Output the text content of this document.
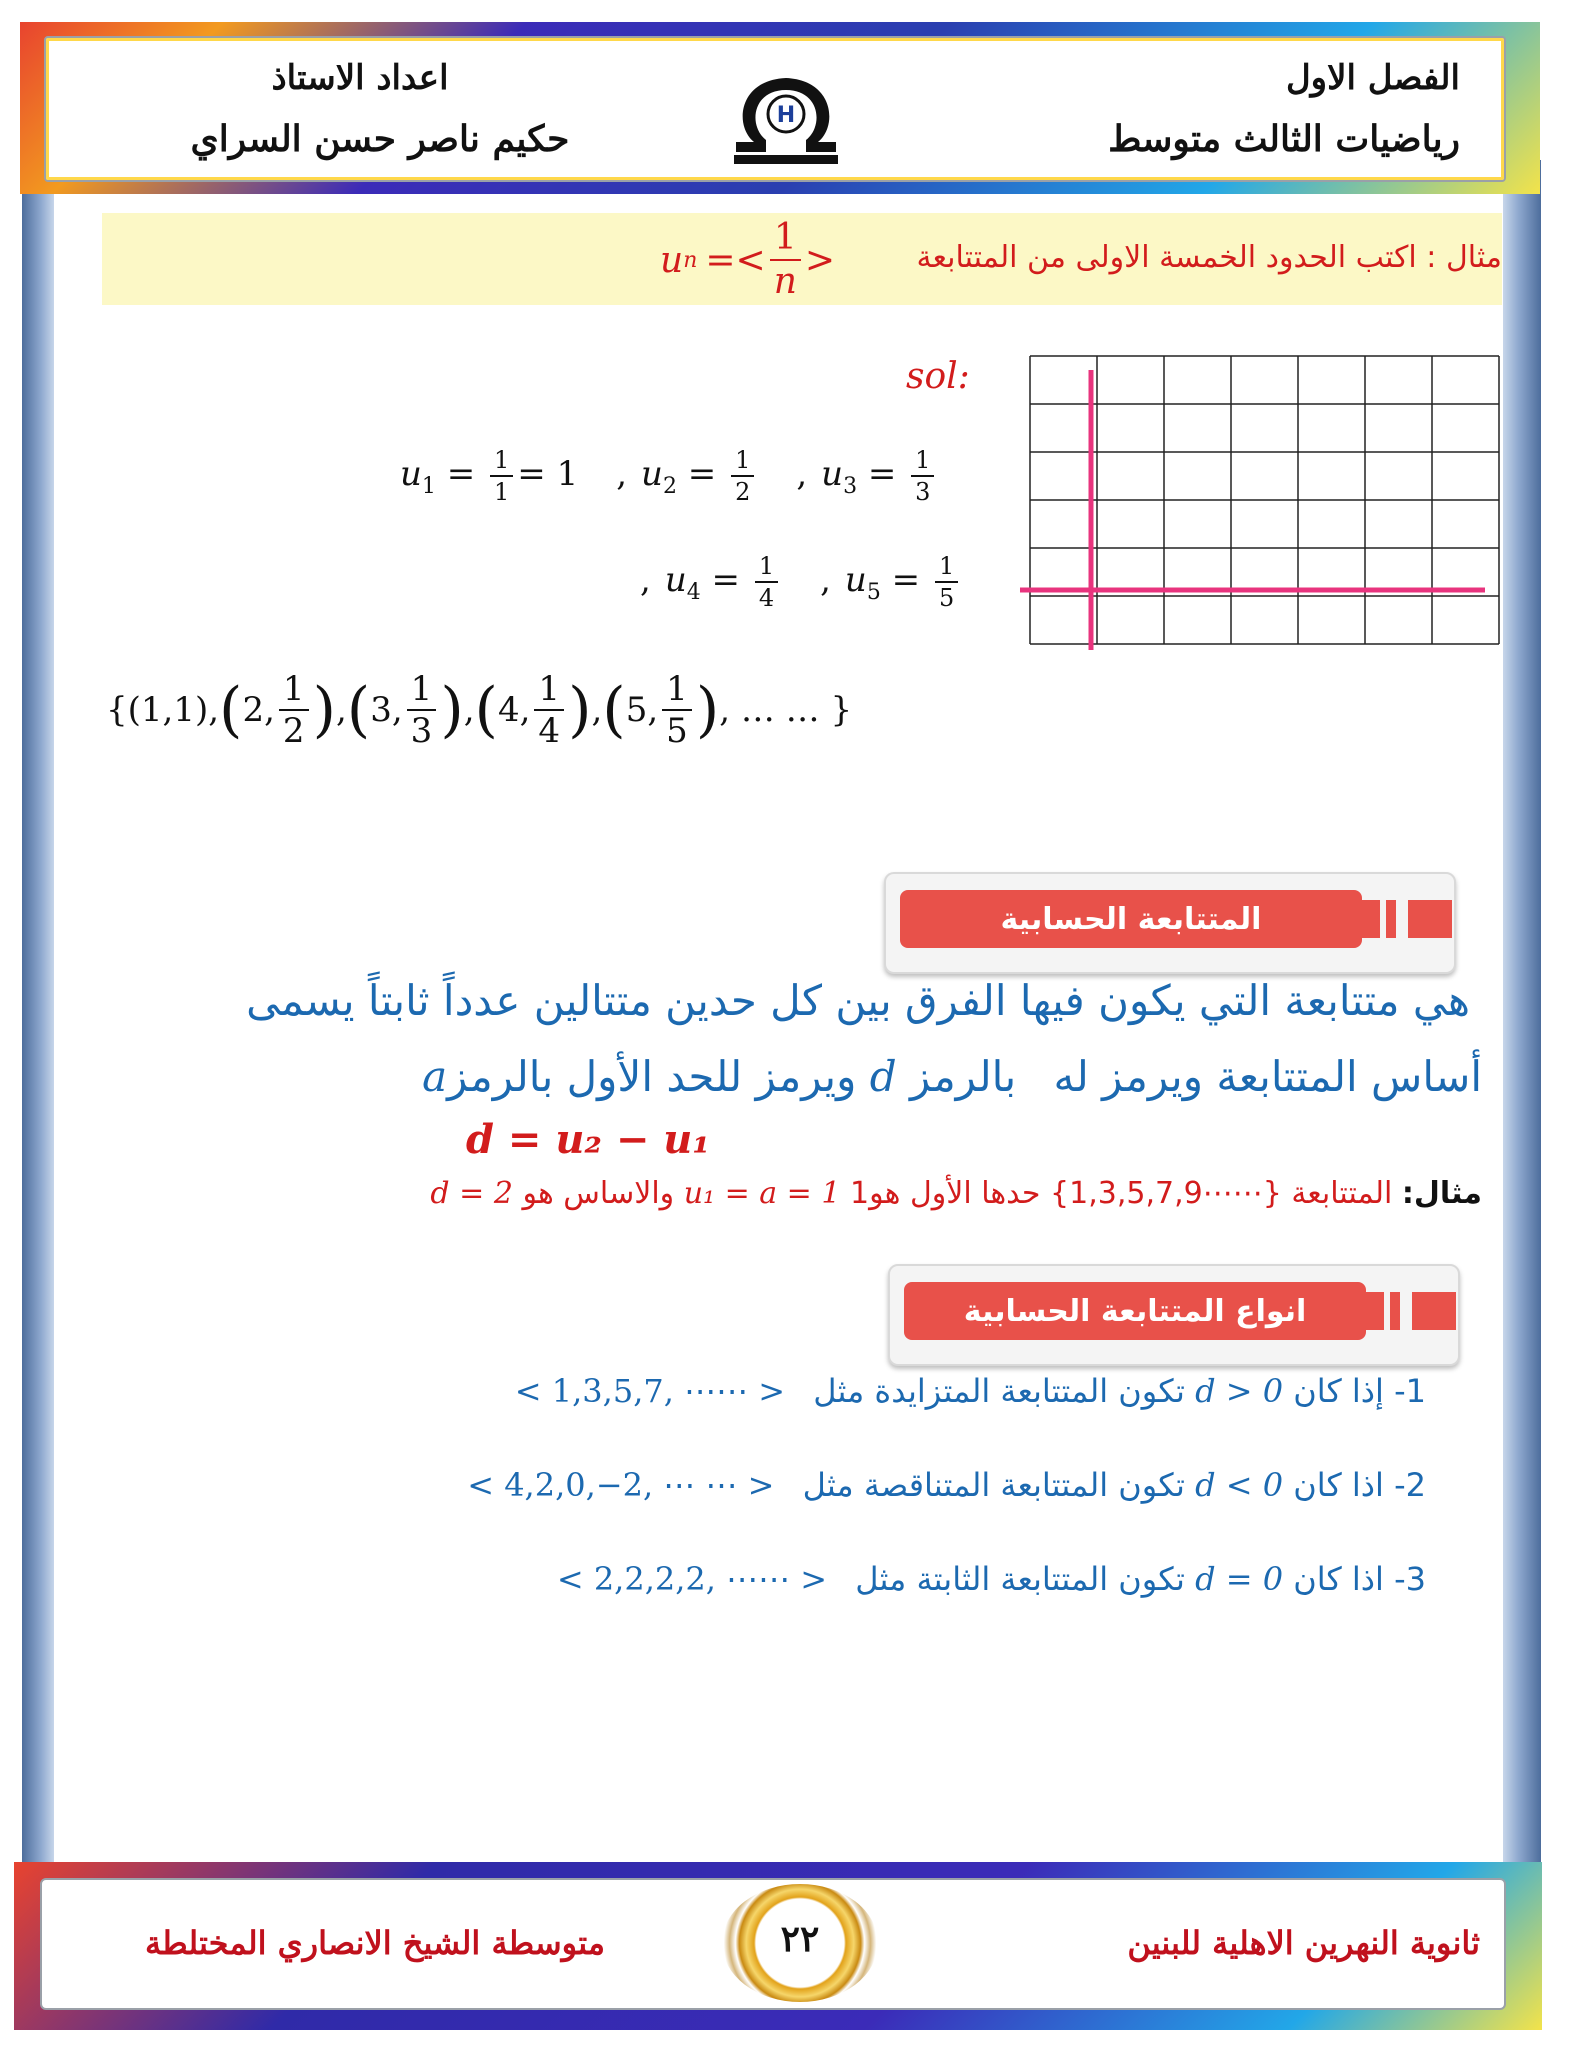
الفصل الاول
رياضيات الثالث متوسط
اعداد الاستاذ
حكيم ناصر حسن السراي
H
مثال : اكتب الحدود الخمسة الاولى من المتتابعة
u $n =< \frac{1}{n}$ >
sol:
$u_1 = \frac{1}{1} = 1$ , $u_2 = \frac{1}{2}$ , $u_3 = \frac{1}{3}$
, $u_4 = \frac{1}{4}$ , $u_5 = \frac{1}{5}$
{(1,1), ( 2, $\frac{1}{2}$ ) , ( 3, $\frac{1}{3}$ ) , ( 4, $\frac{1}{4}$ ) , ( 5, $\frac{1}{5}$ ) , … … }
المتتابعة الحسابية
هي متتابعة التي يكون فيها الفرق بين كل حدين متتالين عدداً ثابتاً يسمى
أساس المتتابعة ويرمز له بالرمز d ويرمز للحد الأول بالرمزa
d = u₂ − u₁
مثال: المتتابعة {1,3,5,7,9⋯⋯} حدها الأول هو1 u₁ = a = 1 والاساس هو d = 2
انواع المتتابعة الحسابية
1- إذا كان d > 0 تكون المتتابعة المتزايدة مثل < 1,3,5,7, ⋯⋯ >
2- اذا كان d < 0 تكون المتتابعة المتناقصة مثل < 4,2,0,−2, ⋯ ⋯ >
3- اذا كان d = 0 تكون المتتابعة الثابتة مثل < 2,2,2,2, ⋯⋯ >
ثانوية النهرين الاهلية للبنين
متوسطة الشيخ الانصاري المختلطة	٢٢
